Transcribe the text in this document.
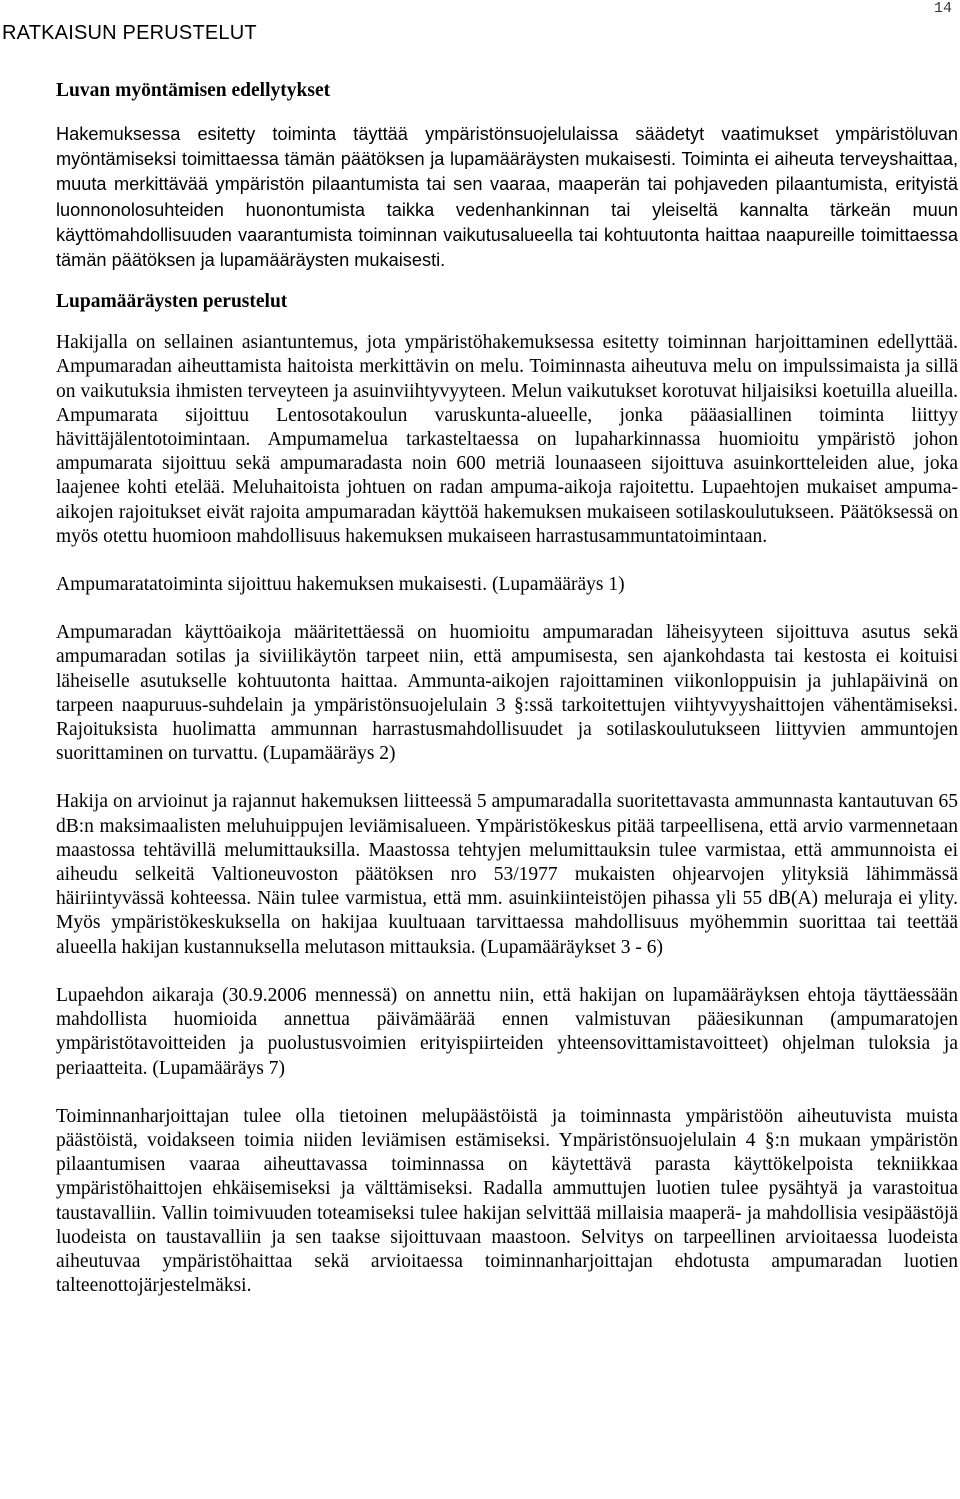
14
RATKAISUN PERUSTELUT
Luvan myöntämisen edellytykset

Hakemuksessa esitetty toiminta täyttää ympäristönsuojelulaissa säädetyt vaatimukset ympäristöluvan myöntämiseksi toimittaessa tämän päätöksen ja lupamääräysten mukaisesti. Toiminta ei aiheuta terveyshaittaa, muuta merkittävää ympäristön pilaantumista tai sen vaaraa, maaperän tai pohjaveden pilaantumista, erityistä luonnonolosuhteiden huonontumista taikka vedenhankinnan tai yleiseltä kannalta tärkeän muun käyttömahdollisuuden vaarantumista toiminnan vaikutusalueella tai kohtuutonta haittaa naapureille toimittaessa tämän päätöksen ja lupamääräysten mukaisesti.

Lupamääräysten perustelut

Hakijalla on sellainen asiantuntemus, jota ympäristöhakemuksessa esitetty toiminnan harjoittaminen edellyttää. Ampumaradan aiheuttamista haitoista merkittävin on melu. Toiminnasta aiheutuva melu on impulssimaista ja sillä on vaikutuksia ihmisten terveyteen ja asuinviihtyvyyteen. Melun vaikutukset korotuvat hiljaisiksi koetuilla alueilla. Ampumarata sijoittuu Lentosotakoulun varuskunta-alueelle, jonka pääasiallinen toiminta liittyy hävittäjälentotoimintaan. Ampumamelua tarkasteltaessa on lupaharkinnassa huomioitu ympäristö johon ampumarata sijoittuu sekä ampumaradasta noin 600 metriä lounaaseen sijoittuva asuinkortteleiden alue, joka laajenee kohti etelää. Meluhaitoista johtuen on radan ampuma-aikoja rajoitettu. Lupaehtojen mukaiset ampuma-aikojen rajoitukset eivät rajoita ampumaradan käyttöä hakemuksen mukaiseen sotilaskoulutukseen. Päätöksessä on myös otettu huomioon mahdollisuus hakemuksen mukaiseen harrastusammuntatoimintaan.

Ampumaratatoiminta sijoittuu hakemuksen mukaisesti. (Lupamääräys 1)

Ampumaradan käyttöaikoja määritettäessä on huomioitu ampumaradan läheisyyteen sijoittuva asutus sekä ampumaradan sotilas ja siviilikäytön tarpeet niin, että ampumisesta, sen ajankohdasta tai kestosta ei koituisi läheiselle asutukselle kohtuutonta haittaa. Ammunta-aikojen rajoittaminen viikonloppuisin ja juhlapäivinä on tarpeen naapuruus-suhdelain ja ympäristönsuojelulain 3 §:ssä tarkoitettujen viihtyvyyshaittojen vähentämiseksi. Rajoituksista huolimatta ammunnan harrastusmahdollisuudet ja sotilaskoulutukseen liittyvien ammuntojen suorittaminen on turvattu. (Lupamääräys 2)

Hakija on arvioinut ja rajannut hakemuksen liitteessä 5 ampumaradalla suoritettavasta ammunnasta kantautuvan 65 dB:n maksimaalisten meluhuippujen leviämisalueen. Ympäristökeskus pitää tarpeellisena, että arvio varmennetaan maastossa tehtävillä melumittauksilla. Maastossa tehtyjen melumittauksin tulee varmistaa, että ammunnoista ei aiheudu selkeitä Valtioneuvoston päätöksen nro 53/1977 mukaisten ohjearvojen ylityksiä lähimmässä häiriintyvässä kohteessa. Näin tulee varmistua, että mm. asuinkiinteistöjen pihassa yli 55 dB(A) meluraja ei ylity. Myös ympäristökeskuksella on hakijaa kuultuaan tarvittaessa mahdollisuus myöhemmin suorittaa tai teettää alueella hakijan kustannuksella melutason mittauksia. (Lupamääräykset 3 - 6)

Lupaehdon aikaraja (30.9.2006 mennessä) on annettu niin, että hakijan on lupamääräyksen ehtoja täyttäessään mahdollista huomioida annettua päivämäärää ennen valmistuvan pääesikunnan (ampumaratojen ympäristötavoitteiden ja puolustusvoimien erityispiirteiden yhteensovittamistavoitteet) ohjelman tuloksia ja periaatteita. (Lupamääräys 7)

Toiminnanharjoittajan tulee olla tietoinen melupäästöistä ja toiminnasta ympäristöön aiheutuvista muista päästöistä, voidakseen toimia niiden leviämisen estämiseksi. Ympäristönsuojelulain 4 §:n mukaan ympäristön pilaantumisen vaaraa aiheuttavassa toiminnassa on käytettävä parasta käyttökelpoista tekniikkaa ympäristöhaittojen ehkäisemiseksi ja välttämiseksi. Radalla ammuttujen luotien tulee pysähtyä ja varastoitua taustavalliin. Vallin toimivuuden toteamiseksi tulee hakijan selvittää millaisia maaperä- ja mahdollisia vesipäästöjä luodeista on taustavalliin ja sen taakse sijoittuvaan maastoon. Selvitys on tarpeellinen arvioitaessa luodeista aiheutuvaa ympäristöhaittaa sekä arvioitaessa toiminnanharjoittajan ehdotusta ampumaradan luotien talteenottojärjestelmäksi.
